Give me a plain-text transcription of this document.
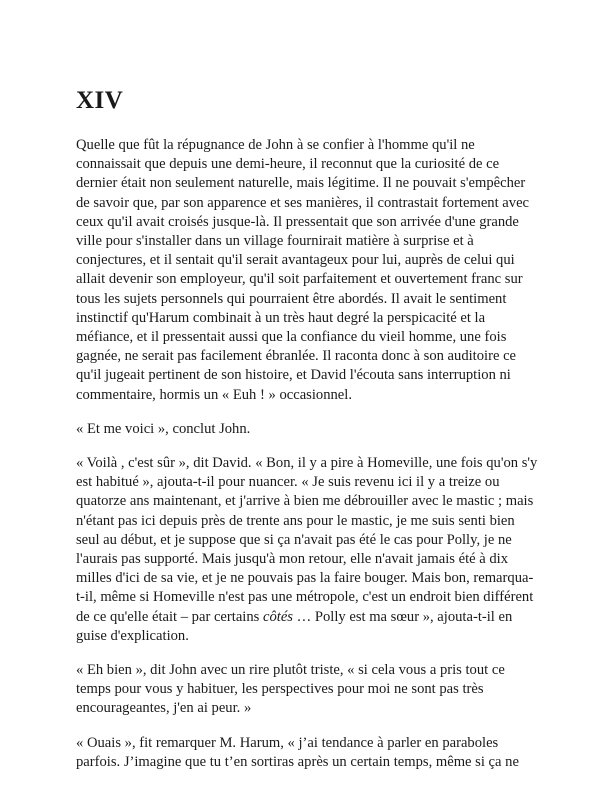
XIV

Quelle que fût la répugnance de John à se confier à l'homme qu'il ne connaissait que depuis une demi-heure, il reconnut que la curiosité de ce dernier était non seulement naturelle, mais légitime. Il ne pouvait s'empêcher de savoir que, par son apparence et ses manières, il contrastait fortement avec ceux qu'il avait croisés jusque-là. Il pressentait que son arrivée d'une grande ville pour s'installer dans un village fournirait matière à surprise et à conjectures, et il sentait qu'il serait avantageux pour lui, auprès de celui qui allait devenir son employeur, qu'il soit parfaitement et ouvertement franc sur tous les sujets personnels qui pourraient être abordés. Il avait le sentiment instinctif qu'Harum combinait à un très haut degré la perspicacité et la méfiance, et il pressentait aussi que la confiance du vieil homme, une fois gagnée, ne serait pas facilement ébranlée. Il raconta donc à son auditoire ce qu'il jugeait pertinent de son histoire, et David l'écouta sans interruption ni commentaire, hormis un « Euh ! » occasionnel.

« Et me voici », conclut John.

« Voilà , c'est sûr », dit David. « Bon, il y a pire à Homeville, une fois qu'on s'y est habitué », ajouta-t-il pour nuancer. « Je suis revenu ici il y a treize ou quatorze ans maintenant, et j'arrive à bien me débrouiller avec le mastic ; mais n'étant pas ici depuis près de trente ans pour le mastic, je me suis senti bien seul au début, et je suppose que si ça n'avait pas été le cas pour Polly, je ne l'aurais pas supporté. Mais jusqu'à mon retour, elle n'avait jamais été à dix milles d'ici de sa vie, et je ne pouvais pas la faire bouger. Mais bon, remarqua-t-il, même si Homeville n'est pas une métropole, c'est un endroit bien différent de ce qu'elle était – par certains côtés … Polly est ma sœur », ajouta-t-il en guise d'explication.

« Eh bien », dit John avec un rire plutôt triste, « si cela vous a pris tout ce temps pour vous y habituer, les perspectives pour moi ne sont pas très encourageantes, j'en ai peur. »

« Ouais », fit remarquer M. Harum, « j’ai tendance à parler en paraboles parfois. J’imagine que tu t’en sortiras après un certain temps, même si ça ne
